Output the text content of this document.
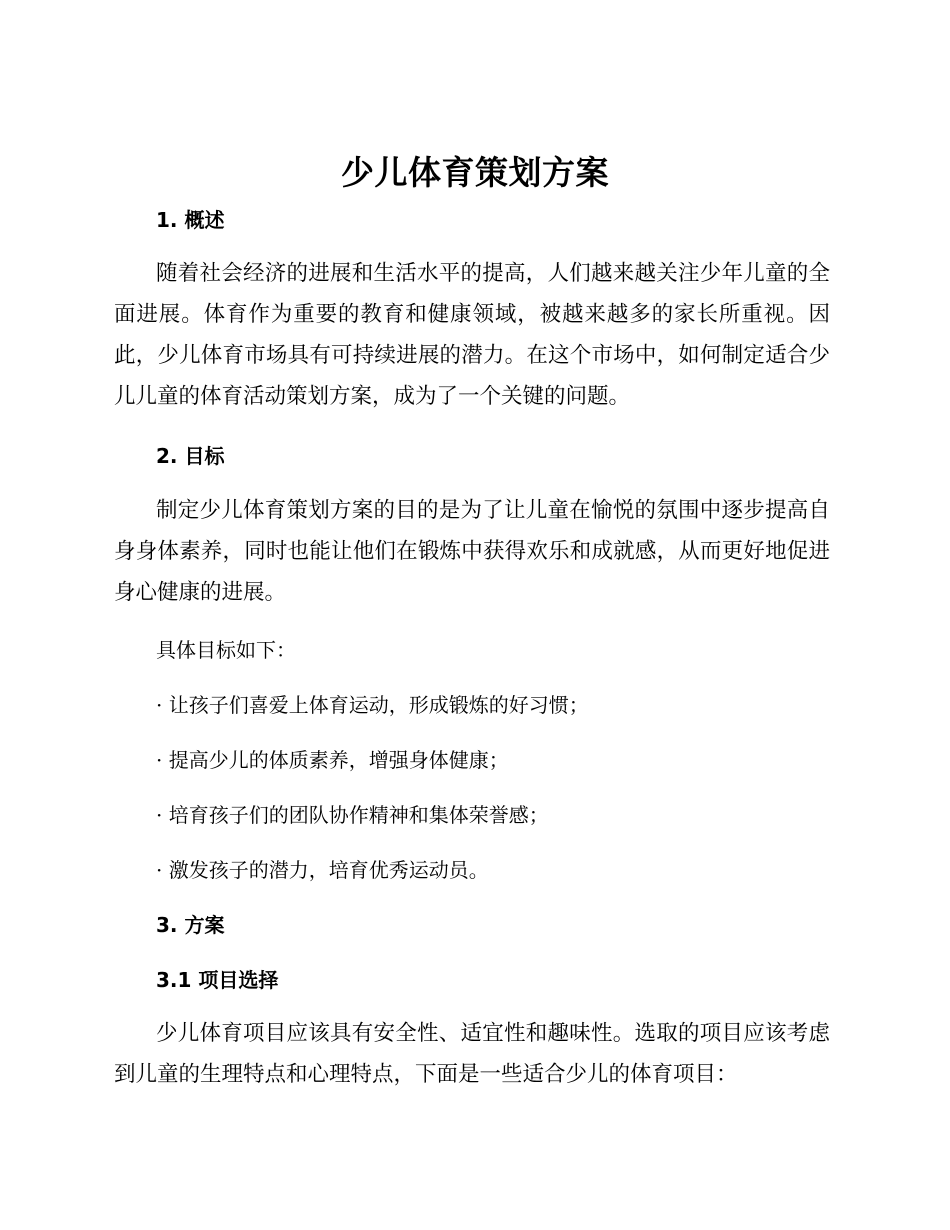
少儿体育策划方案
1. 概述

随着社会经济的进展和生活水平的提高，人们越来越关注少年儿童的全面进展。体育作为重要的教育和健康领域，被越来越多的家长所重视。因此，少儿体育市场具有可持续进展的潜力。在这个市场中，如何制定适合少儿儿童的体育活动策划方案，成为了一个关键的问题。

2. 目标

制定少儿体育策划方案的目的是为了让儿童在愉悦的氛围中逐步提高自身身体素养，同时也能让他们在锻炼中获得欢乐和成就感，从而更好地促进身心健康的进展。

具体目标如下：
· 让孩子们喜爱上体育运动，形成锻炼的好习惯；
· 提高少儿的体质素养，增强身体健康；
· 培育孩子们的团队协作精神和集体荣誉感；
· 激发孩子的潜力，培育优秀运动员。
3. 方案
3.1 项目选择

少儿体育项目应该具有安全性、适宜性和趣味性。选取的项目应该考虑到儿童的生理特点和心理特点，下面是一些适合少儿的体育项目：
